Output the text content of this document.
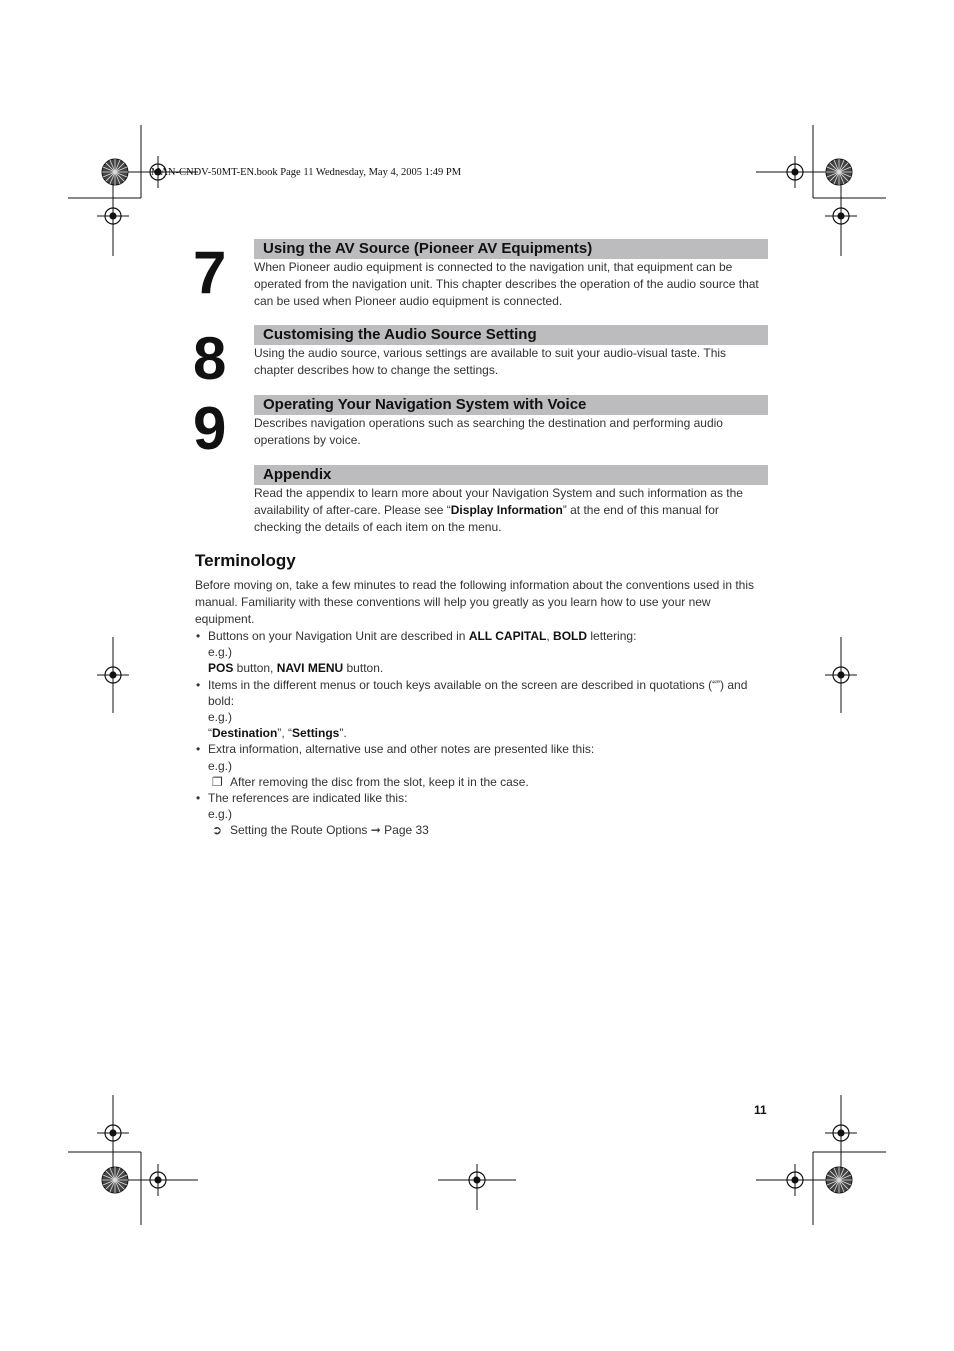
MAN-CNDV-50MT-EN.book Page 11 Wednesday, May 4, 2005 1:49 PM
7	Using the AV Source (Pioneer AV Equipments)
When Pioneer audio equipment is connected to the navigation unit, that equipment can be operated from the navigation unit. This chapter describes the operation of the audio source that can be used when Pioneer audio equipment is connected.
8	Customising the Audio Source Setting
Using the audio source, various settings are available to suit your audio-visual taste. This chapter describes how to change the settings.
9	Operating Your Navigation System with Voice
Describes navigation operations such as searching the destination and performing audio operations by voice.
Appendix
Read the appendix to learn more about your Navigation System and such information as the availability of after-care. Please see “Display Information” at the end of this manual for checking the details of each item on the menu.
Terminology
Before moving on, take a few minutes to read the following information about the conventions used in this manual. Familiarity with these conventions will help you greatly as you learn how to use your new equipment.
• Buttons on your Navigation Unit are described in ALL CAPITAL, BOLD lettering:
e.g.)
POS button, NAVI MENU button.
• Items in the different menus or touch keys available on the screen are described in quotations (“”) and bold:
e.g.)
“Destination”, “Settings”.
• Extra information, alternative use and other notes are presented like this:
e.g.)
❐ After removing the disc from the slot, keep it in the case.
• The references are indicated like this:
e.g.)
➲ Setting the Route Options ➞ Page 33
11
